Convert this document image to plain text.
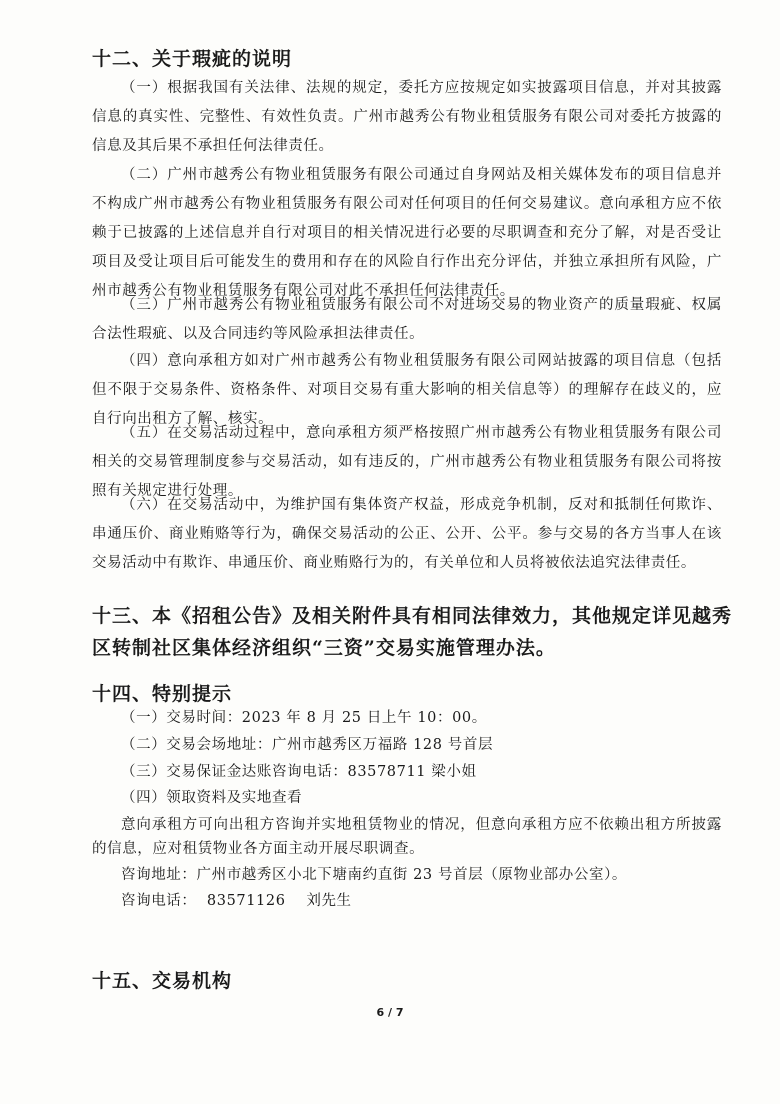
十二、关于瑕疵的说明
（一）根据我国有关法律、法规的规定，委托方应按规定如实披露项目信息，并对其披露信息的真实性、完整性、有效性负责。广州市越秀公有物业租赁服务有限公司对委托方披露的信息及其后果不承担任何法律责任。
（二）广州市越秀公有物业租赁服务有限公司通过自身网站及相关媒体发布的项目信息并不构成广州市越秀公有物业租赁服务有限公司对任何项目的任何交易建议。意向承租方应不依赖于已披露的上述信息并自行对项目的相关情况进行必要的尽职调查和充分了解，对是否受让项目及受让项目后可能发生的费用和存在的风险自行作出充分评估，并独立承担所有风险，广州市越秀公有物业租赁服务有限公司对此不承担任何法律责任。
（三）广州市越秀公有物业租赁服务有限公司不对进场交易的物业资产的质量瑕疵、权属合法性瑕疵、以及合同违约等风险承担法律责任。
（四）意向承租方如对广州市越秀公有物业租赁服务有限公司网站披露的项目信息（包括但不限于交易条件、资格条件、对项目交易有重大影响的相关信息等）的理解存在歧义的，应自行向出租方了解、核实。
（五）在交易活动过程中，意向承租方须严格按照广州市越秀公有物业租赁服务有限公司相关的交易管理制度参与交易活动，如有违反的，广州市越秀公有物业租赁服务有限公司将按照有关规定进行处理。
（六）在交易活动中，为维护国有集体资产权益，形成竞争机制，反对和抵制任何欺诈、串通压价、商业贿赂等行为，确保交易活动的公正、公开、公平。参与交易的各方当事人在该交易活动中有欺诈、串通压价、商业贿赂行为的，有关单位和人员将被依法追究法律责任。
十三、本《招租公告》及相关附件具有相同法律效力，其他规定详见越秀区转制社区集体经济组织“三资”交易实施管理办法。
十四、特别提示
（一）交易时间：2023 年 8 月 25 日上午 10：00。
（二）交易会场地址：广州市越秀区万福路 128 号首层
（三）交易保证金达账咨询电话：83578711 梁小姐
（四）领取资料及实地查看
意向承租方可向出租方咨询并实地租赁物业的情况，但意向承租方应不依赖出租方所披露的信息，应对租赁物业各方面主动开展尽职调查。
咨询地址：广州市越秀区小北下塘南约直街 23 号首层（原物业部办公室）。
咨询电话：  83571126    刘先生
十五、交易机构
6 / 7
